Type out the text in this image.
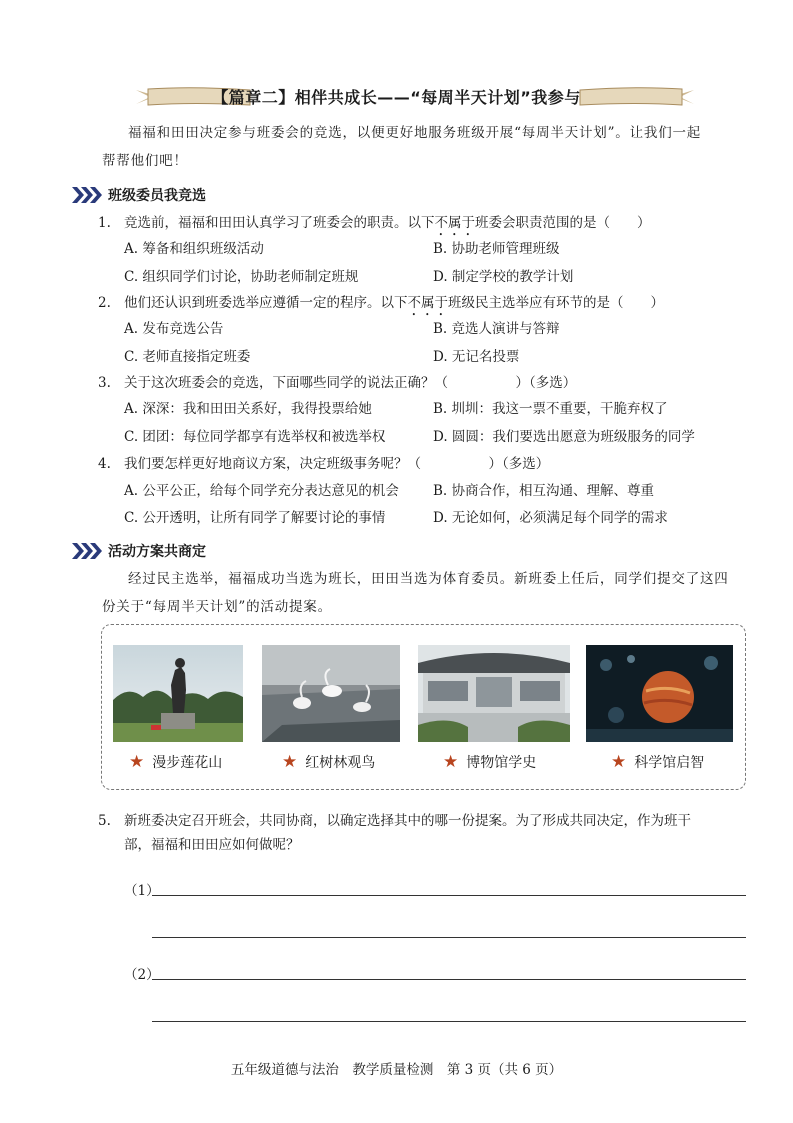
【篇章二】相伴共成长——“每周半天计划”我参与
福福和田田决定参与班委会的竞选，以便更好地服务班级开展“每周半天计划”。让我们一起
帮帮他们吧！
班级委员我竞选
1. 竞选前，福福和田田认真学习了班委会的职责。以下不属于班委会职责范围的是（　　）
A. 筹备和组织班级活动	B. 协助老师管理班级
C. 组织同学们讨论，协助老师制定班规	D. 制定学校的教学计划
2. 他们还认识到班委选举应遵循一定的程序。以下不属于班级民主选举应有环节的是（　　）
A. 发布竞选公告	B. 竞选人演讲与答辩
C. 老师直接指定班委	D. 无记名投票
3. 关于这次班委会的竞选，下面哪些同学的说法正确？（　　　　　）（多选）
A. 深深：我和田田关系好，我得投票给她	B. 圳圳：我这一票不重要，干脆弃权了
C. 团团：每位同学都享有选举权和被选举权	D. 圆圆：我们要选出愿意为班级服务的同学
4. 我们要怎样更好地商议方案，决定班级事务呢？（　　　　　）（多选）
A. 公平公正，给每个同学充分表达意见的机会	B. 协商合作，相互沟通、理解、尊重
C. 公开透明，让所有同学了解要讨论的事情	D. 无论如何，必须满足每个同学的需求
活动方案共商定
经过民主选举，福福成功当选为班长，田田当选为体育委员。新班委上任后，同学们提交了这四
份关于“每周半天计划”的活动提案。
★ 漫步莲花山	★ 红树林观鸟	★ 博物馆学史	★ 科学馆启智
5. 新班委决定召开班会，共同协商，以确定选择其中的哪一份提案。为了形成共同决定，作为班干
部，福福和田田应如何做呢？
（1）
（2）
五年级道德与法治　教学质量检测　第 3 页（共 6 页）
